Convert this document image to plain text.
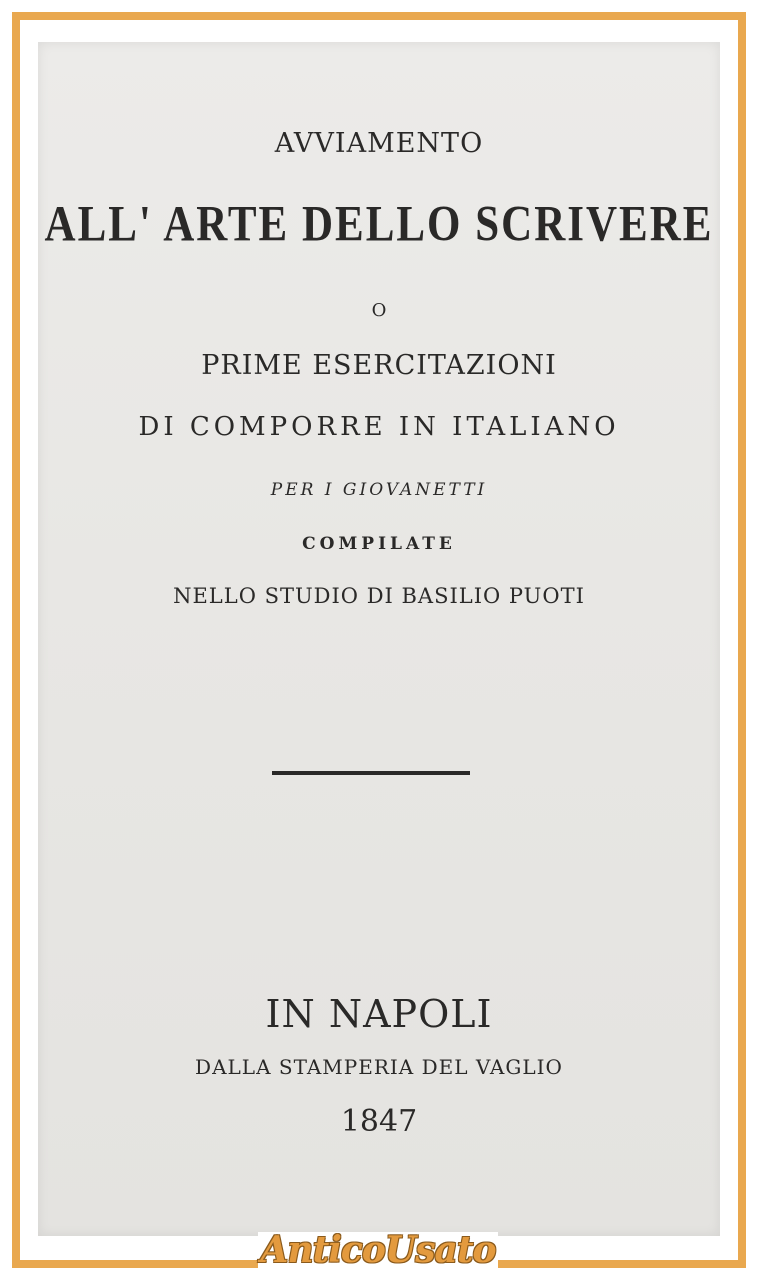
AVVIAMENTO
ALL' ARTE DELLO SCRIVERE
O
PRIME ESERCITAZIONI
DI COMPORRE IN ITALIANO
PER I GIOVANETTI
COMPILATE
NELLO STUDIO DI BASILIO PUOTI
IN NAPOLI
DALLA STAMPERIA DEL VAGLIO
1847
AnticoUsato
